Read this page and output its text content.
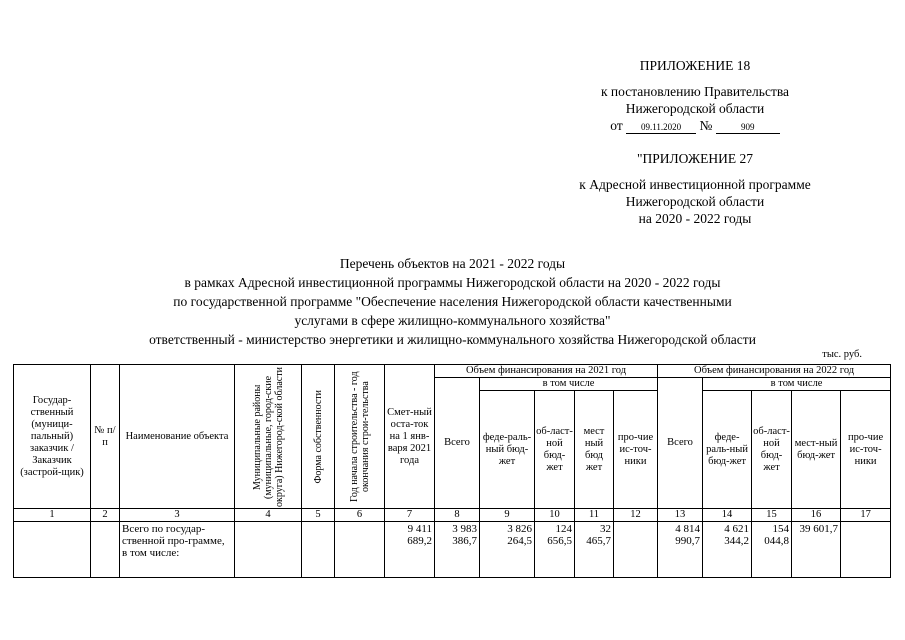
ПРИЛОЖЕНИЕ 18
к постановлению Правительства
Нижегородской области
от 09.11.2020 №	909
"ПРИЛОЖЕНИЕ 27
к Адресной инвестиционной программе
Нижегородской области
на 2020 - 2022 годы
Перечень объектов на 2021 - 2022 годы
в рамках Адресной инвестиционной программы Нижегородской области на 2020 - 2022 годы
по государственной программе "Обеспечение населения Нижегородской области качественными
услугами в сфере жилищно-коммунального хозяйства"
ответственный - министерство энергетики и жилищно-коммунального хозяйства Нижегородской области
тыс. руб.
Государ-ственный (муници-пальный) заказчик / Заказчик (застрой-щик)	№ п/п	Наименование объекта	Муниципальные районы (муниципальные, город-ские округа) Нижегород-ской области	Форма собственности	Год начала строительства - год окончания строи-тельства	Смет-ный оста-ток на 1 янв-варя 2021 года	Объем финансирования на 2021 год					Объем финансирования на 2022 год				
							Всего	в том числе				Всего	в том числе			
								феде-раль-ный бюд-жет	об-ласт-ной бюд-жет	мест ный бюд жет	про-чие ис-точ-ники		феде-раль-ный бюд-жет	об-ласт-ной бюд-жет	мест-ный бюд-жет	про-чие ис-точ-ники
1	2	3	4	5	6	7	8	9	10	11	12	13	14	15	16	17
		Всего по государ-ственной про-грамме, в том числе:				9 411 689,2	3 983 386,7	3 826 264,5	124 656,5	32 465,7		4 814 990,7	4 621 344,2	154 044,8	39 601,7	
